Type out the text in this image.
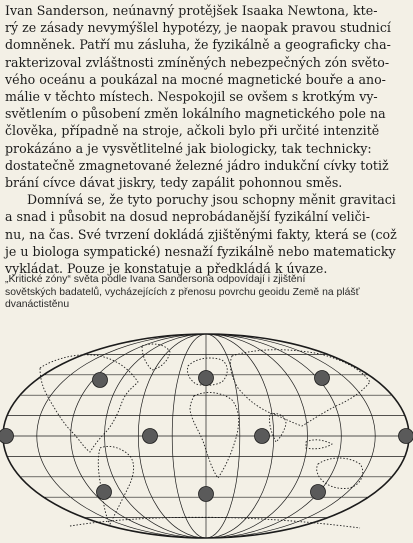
Ivan Sanderson, neúnavný protějšek Isaaka Newtona, kte-
rý ze zásady nevymýšlel hypotézy, je naopak pravou studnicí
domněnek. Patří mu zásluha, že fyzikálně a geograficky cha-
rakterizoval zvláštnosti zmíněných nebezpečných zón světo-
vého oceánu a poukázal na mocné magnetické bouře a ano-
málie v těchto místech. Nespokojil se ovšem s krotkým vy-
světlením o působení změn lokálního magnetického pole na
člověka, případně na stroje, ačkoli bylo při určité intenzitě
prokázáno a je vysvětlitelné jak biologicky, tak technicky:
dostatečně zmagnetované železné jádro indukční cívky totiž
brání cívce dávat jiskry, tedy zapálit pohonnou směs.

Domnívá se, že tyto poruchy jsou schopny měnit gravitaci
a snad i působit na dosud neprobádanější fyzikální veliči-
nu, na čas. Své tvrzení dokládá zjištěnými fakty, která se (což
je u biologa sympatické) nesnaží fyzikálně nebo matematicky
vykládat. Pouze je konstatuje a předkládá k úvaze.

„Kritické zóny“ světa podle Ivana Sandersona odpovídají i zjištění
sovětských badatelů, vycházejících z přenosu povrchu geoidu Země na plášť
dvanáctistěnu
